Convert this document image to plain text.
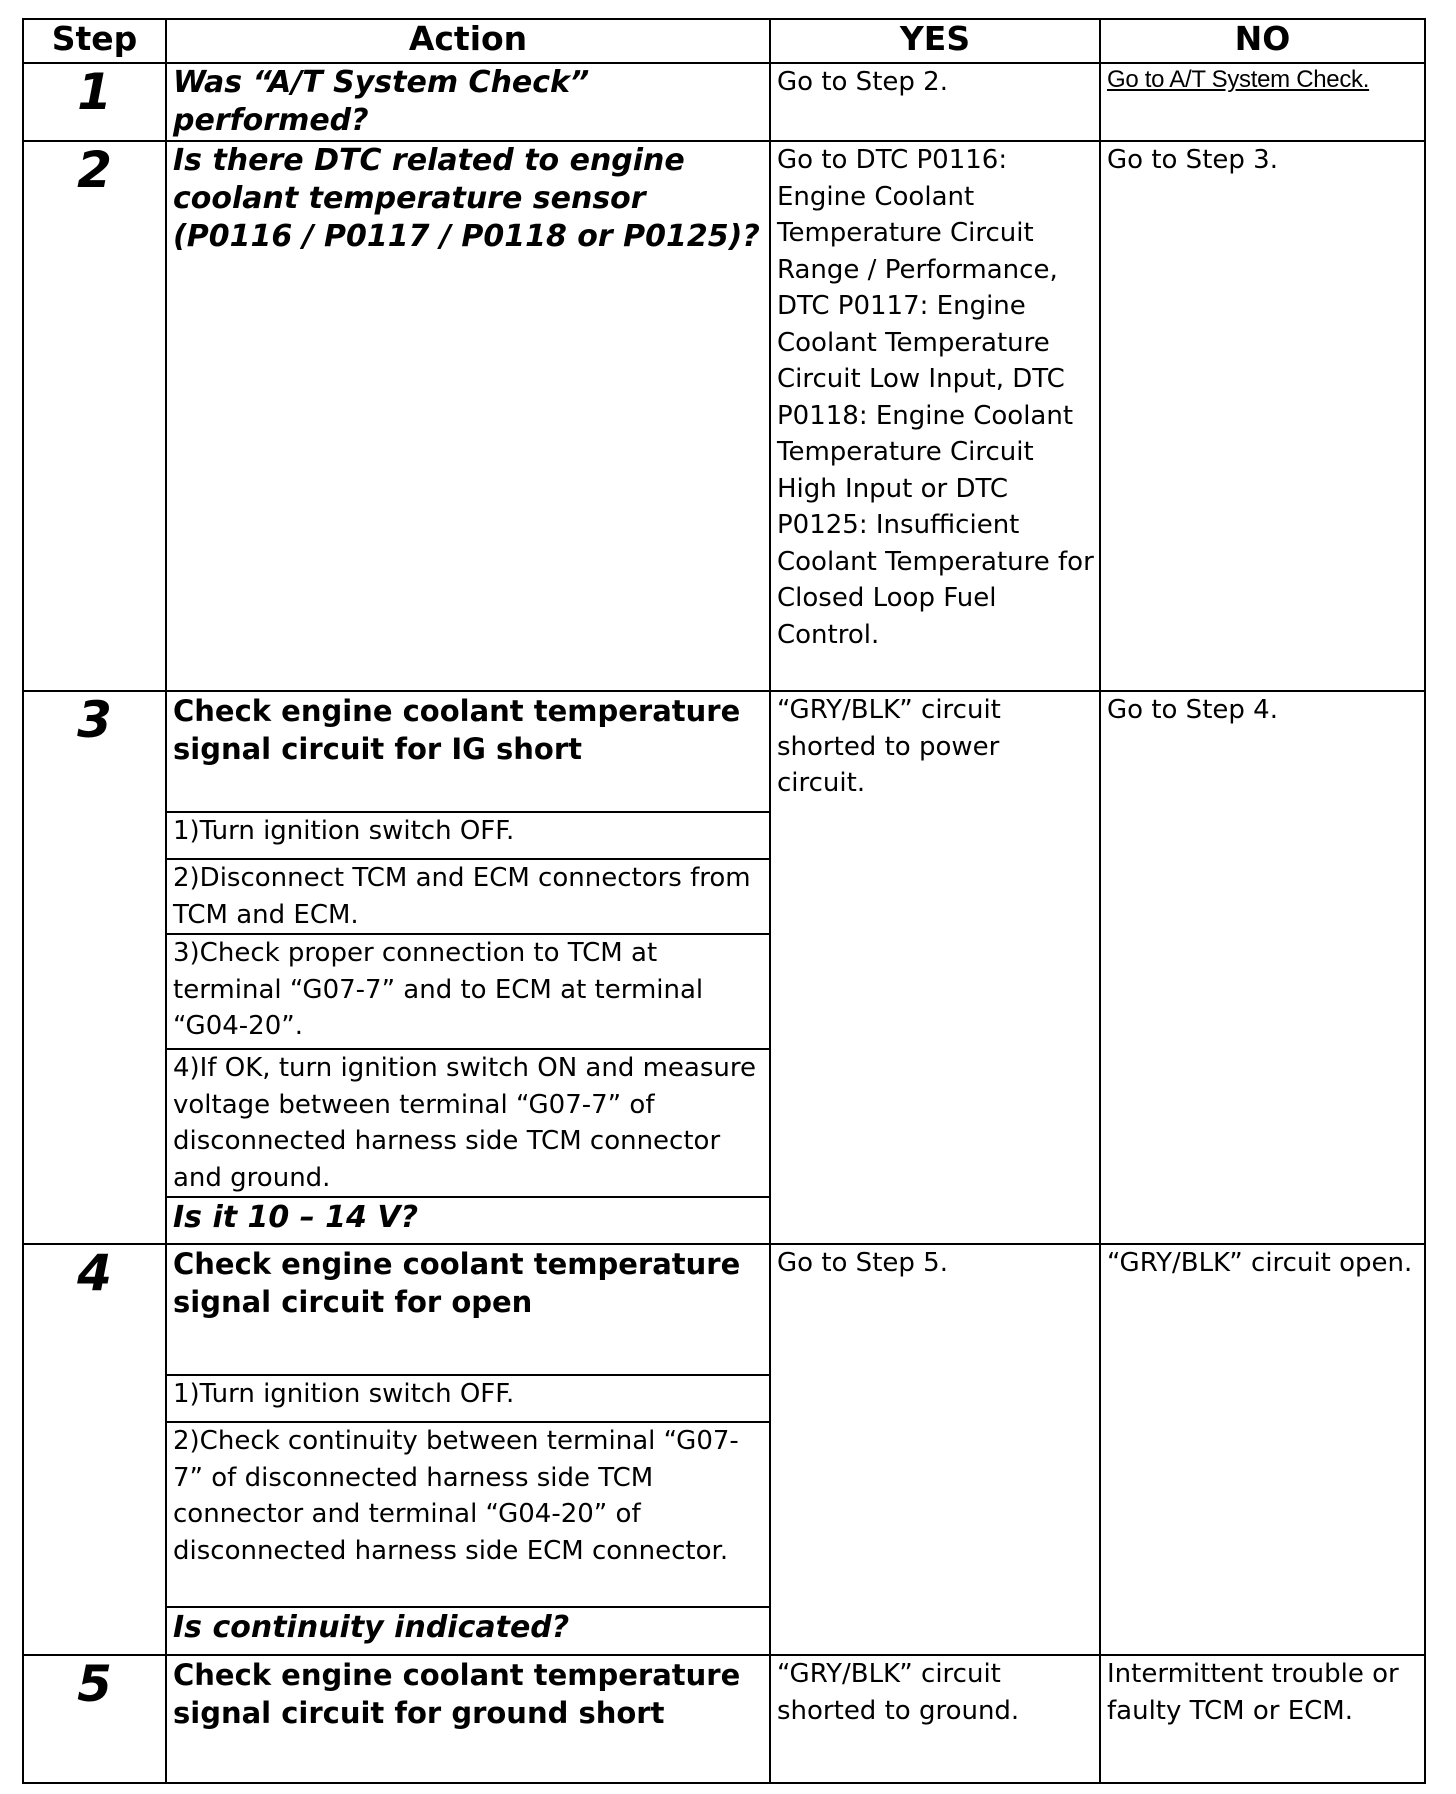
Step	Action	YES	NO
1	Was “A/T System Check” performed?	Go to Step 2.	Go to A/T System Check.
2	Is there DTC related to engine coolant temperature sensor (P0116 / P0117 / P0118 or P0125)?	Go to DTC P0116: Engine Coolant Temperature Circuit Range / Performance, DTC P0117: Engine Coolant Temperature Circuit Low Input, DTC P0118: Engine Coolant Temperature Circuit High Input or DTC P0125: Insufficient Coolant Temperature for Closed Loop Fuel Control.	Go to Step 3.
3	Check engine coolant temperature signal circuit for IG short	“GRY/BLK” circuit shorted to power circuit.	Go to Step 4.
	1)Turn ignition switch OFF.		
	2)Disconnect TCM and ECM connectors from TCM and ECM.		
	3)Check proper connection to TCM at terminal “G07-7” and to ECM at terminal “G04-20”.		
	4)If OK, turn ignition switch ON and measure voltage between terminal “G07-7” of disconnected harness side TCM connector and ground.		
	Is it 10 – 14 V?		
4	Check engine coolant temperature signal circuit for open	Go to Step 5.	“GRY/BLK” circuit open.
	1)Turn ignition switch OFF.		
	2)Check continuity between terminal “G07-7” of disconnected harness side TCM connector and terminal “G04-20” of disconnected harness side ECM connector.		
	Is continuity indicated?		
5	Check engine coolant temperature signal circuit for ground short	“GRY/BLK” circuit shorted to ground.	Intermittent trouble or faulty TCM or ECM.
